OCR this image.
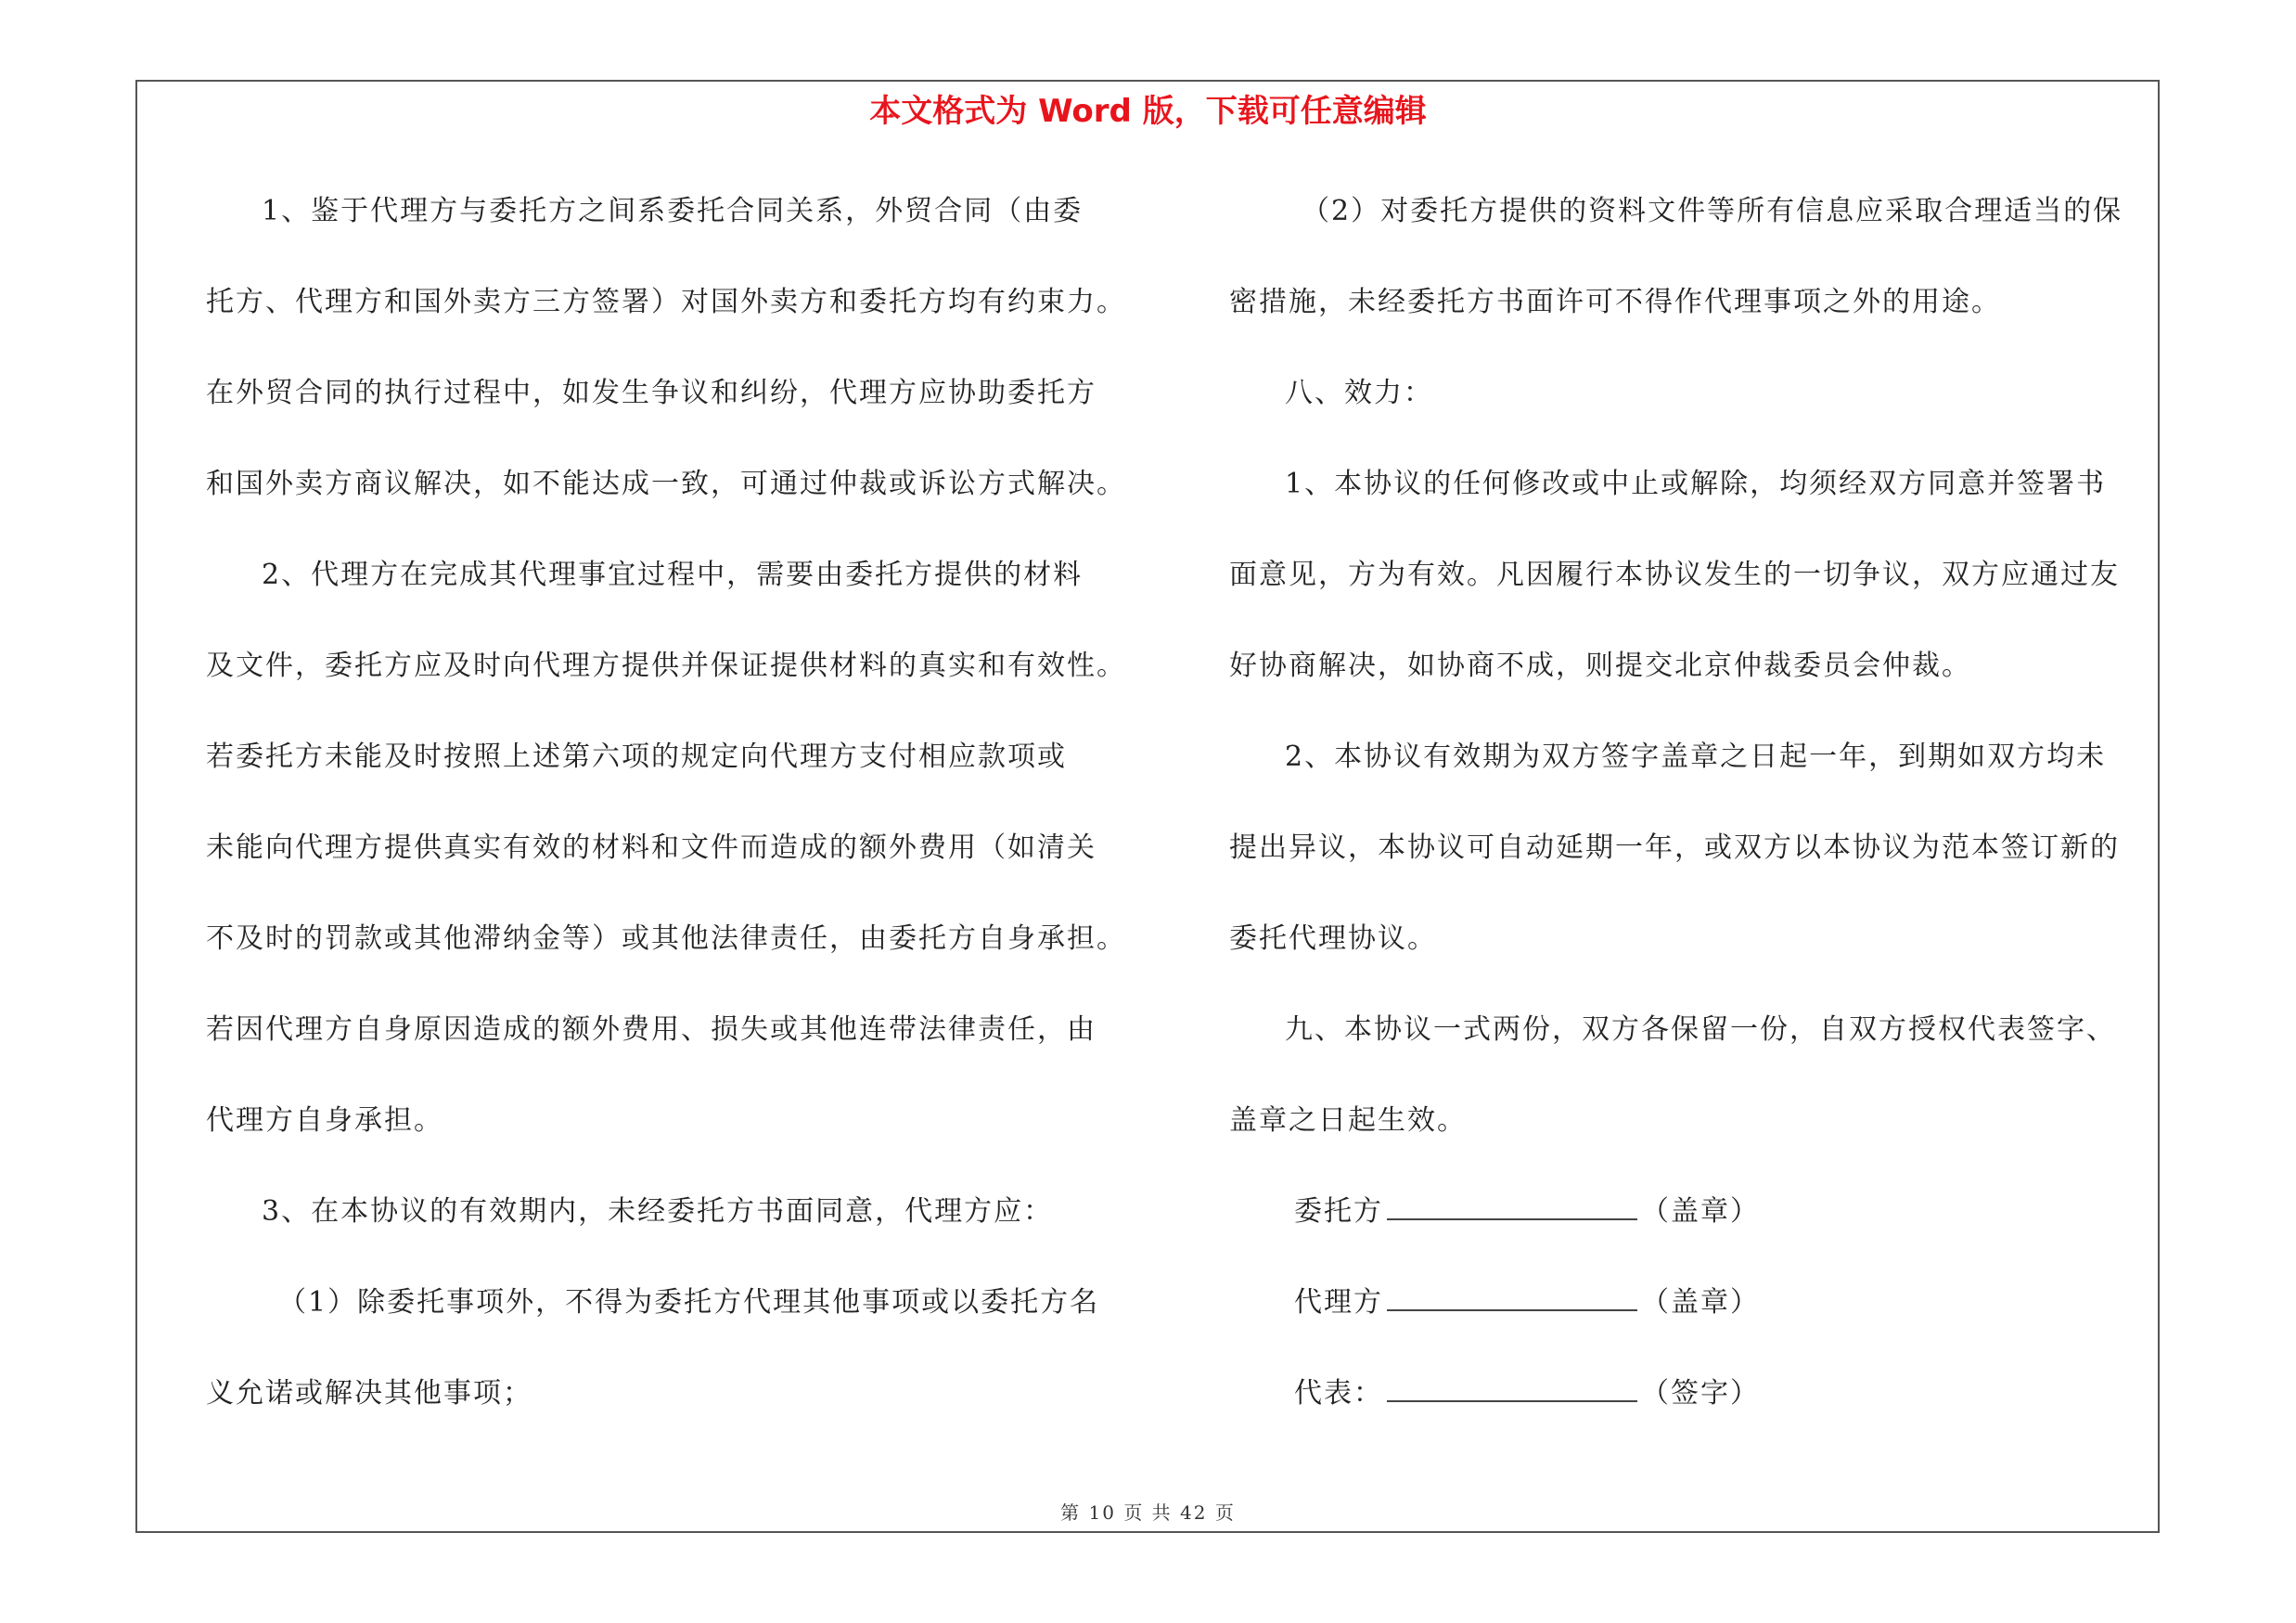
本文格式为 Word 版，下载可任意编辑
1、鉴于代理方与委托方之间系委托合同关系，外贸合同（由委
托方、代理方和国外卖方三方签署）对国外卖方和委托方均有约束力。
在外贸合同的执行过程中，如发生争议和纠纷，代理方应协助委托方
和国外卖方商议解决，如不能达成一致，可通过仲裁或诉讼方式解决。
2、代理方在完成其代理事宜过程中，需要由委托方提供的材料
及文件，委托方应及时向代理方提供并保证提供材料的真实和有效性。
若委托方未能及时按照上述第六项的规定向代理方支付相应款项或
未能向代理方提供真实有效的材料和文件而造成的额外费用（如清关
不及时的罚款或其他滞纳金等）或其他法律责任，由委托方自身承担。
若因代理方自身原因造成的额外费用、损失或其他连带法律责任，由
代理方自身承担。
3、在本协议的有效期内，未经委托方书面同意，代理方应：
（1）除委托事项外，不得为委托方代理其他事项或以委托方名
义允诺或解决其他事项；
（2）对委托方提供的资料文件等所有信息应采取合理适当的保
密措施，未经委托方书面许可不得作代理事项之外的用途。
八、效力：
1、本协议的任何修改或中止或解除，均须经双方同意并签署书
面意见，方为有效。凡因履行本协议发生的一切争议，双方应通过友
好协商解决，如协商不成，则提交北京仲裁委员会仲裁。
2、本协议有效期为双方签字盖章之日起一年，到期如双方均未
提出异议，本协议可自动延期一年，或双方以本协议为范本签订新的
委托代理协议。
九、本协议一式两份，双方各保留一份，自双方授权代表签字、
盖章之日起生效。
委托方	（盖章）
代理方	（盖章）
代表：	（签字）
第 10 页 共 42 页
